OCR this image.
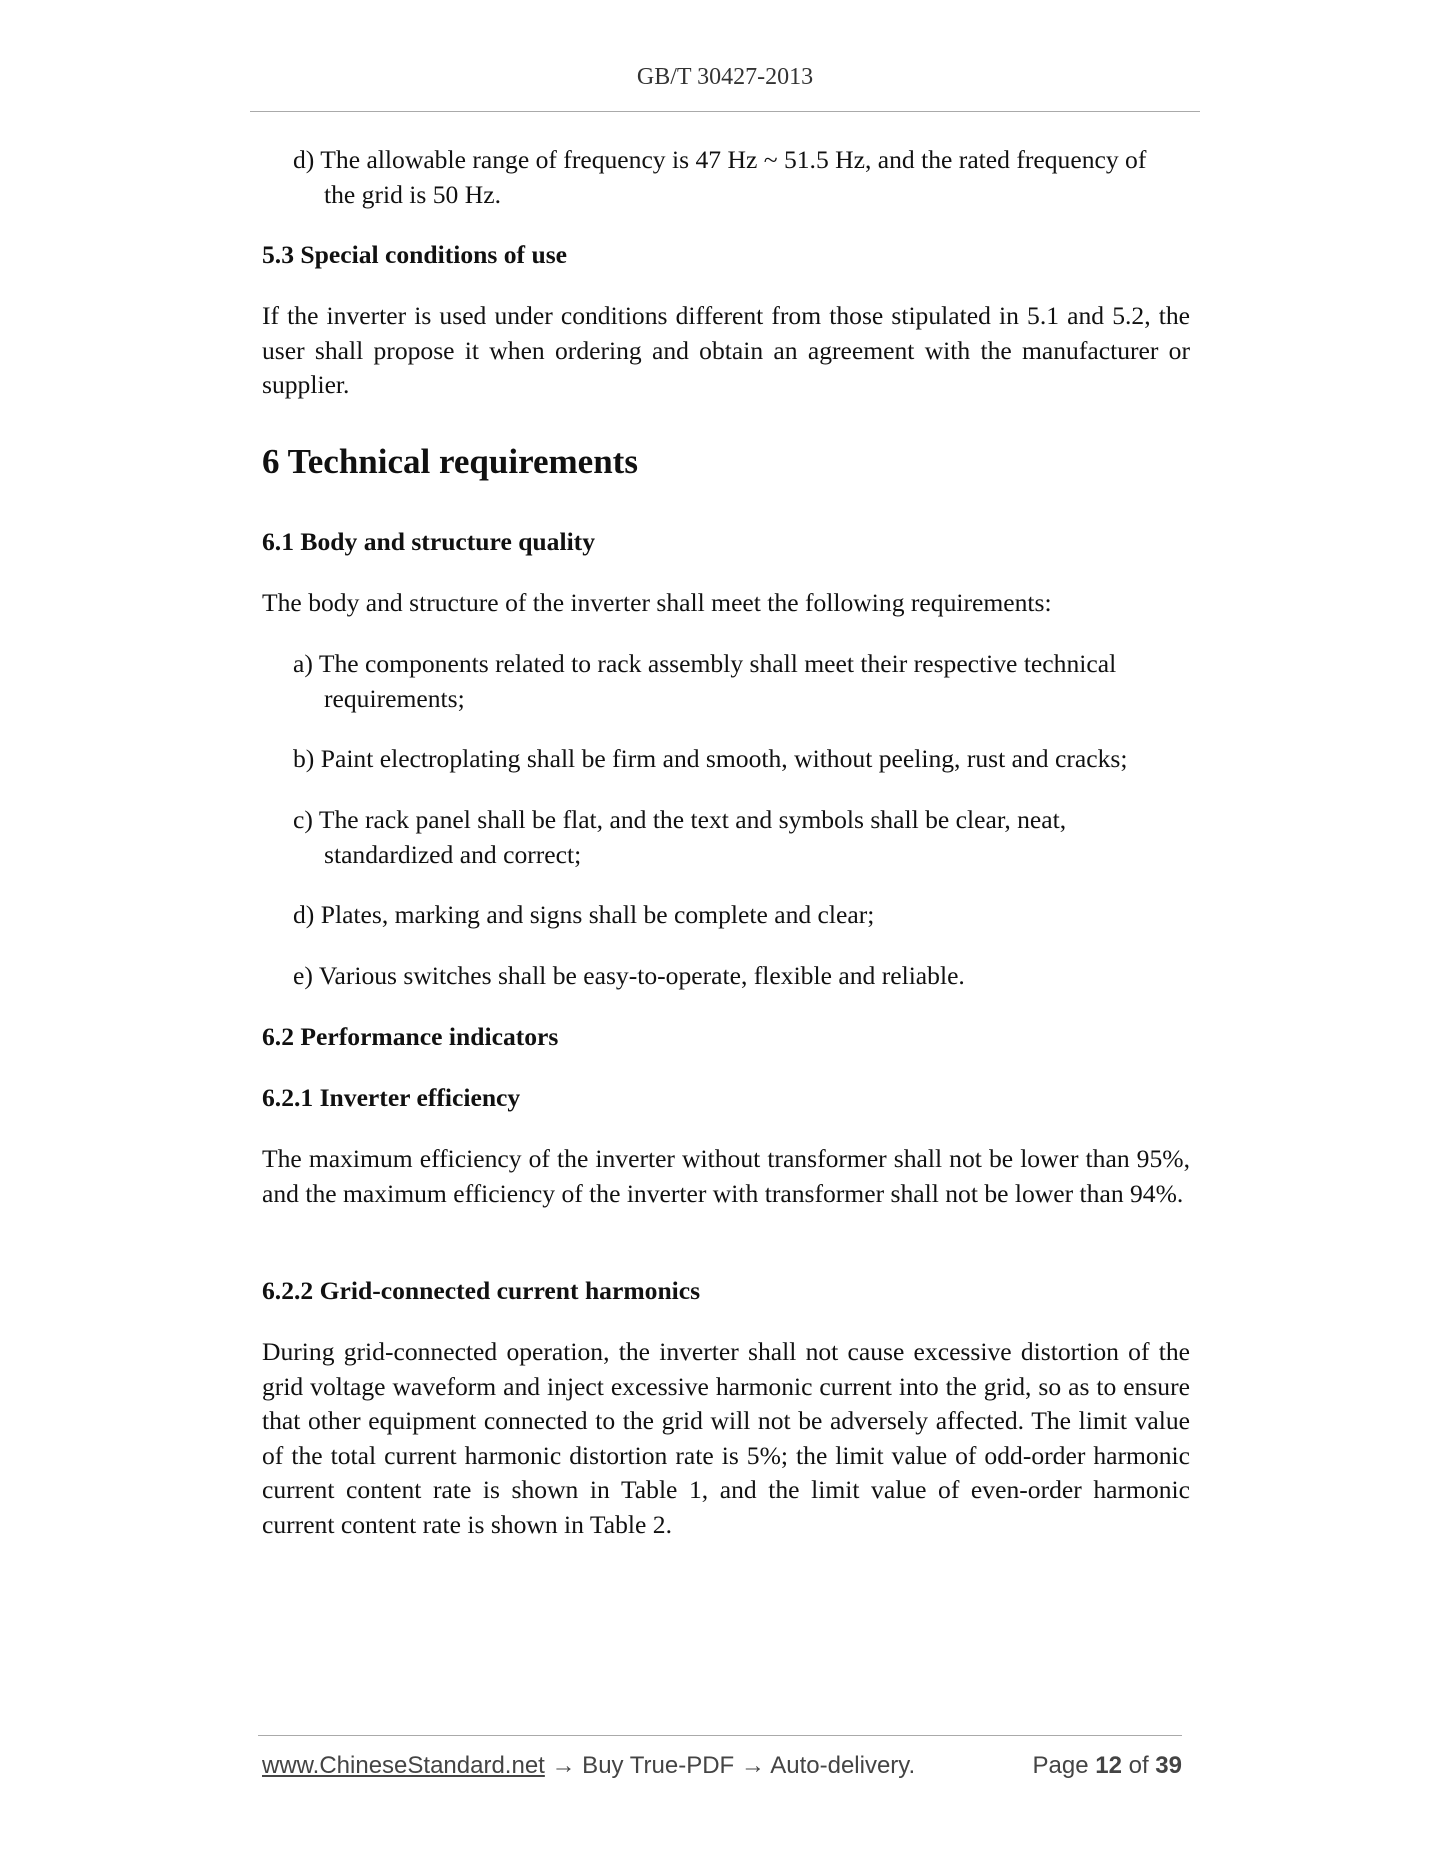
GB/T 30427-2013
d) The allowable range of frequency is 47 Hz ~ 51.5 Hz, and the rated frequency of
the grid is 50 Hz.

5.3 Special conditions of use

If the inverter is used under conditions different from those stipulated in 5.1 and 5.2, the user shall propose it when ordering and obtain an agreement with the manufacturer or supplier.

6 Technical requirements

6.1 Body and structure quality

The body and structure of the inverter shall meet the following requirements:

a) The components related to rack assembly shall meet their respective technical
requirements;
b) Paint electroplating shall be firm and smooth, without peeling, rust and cracks;
c) The rack panel shall be flat, and the text and symbols shall be clear, neat,
standardized and correct;
d) Plates, marking and signs shall be complete and clear;
e) Various switches shall be easy-to-operate, flexible and reliable.

6.2 Performance indicators

6.2.1 Inverter efficiency

The maximum efficiency of the inverter without transformer shall not be lower than 95%, and the maximum efficiency of the inverter with transformer shall not be lower than 94%.

6.2.2 Grid-connected current harmonics

During grid-connected operation, the inverter shall not cause excessive distortion of the grid voltage waveform and inject excessive harmonic current into the grid, so as to ensure that other equipment connected to the grid will not be adversely affected. The limit value of the total current harmonic distortion rate is 5%; the limit value of odd-order harmonic current content rate is shown in Table 1, and the limit value of even-order harmonic current content rate is shown in Table 2.

www.ChineseStandard.net → Buy True-PDF → Auto-delivery.	Page 12 of 39
